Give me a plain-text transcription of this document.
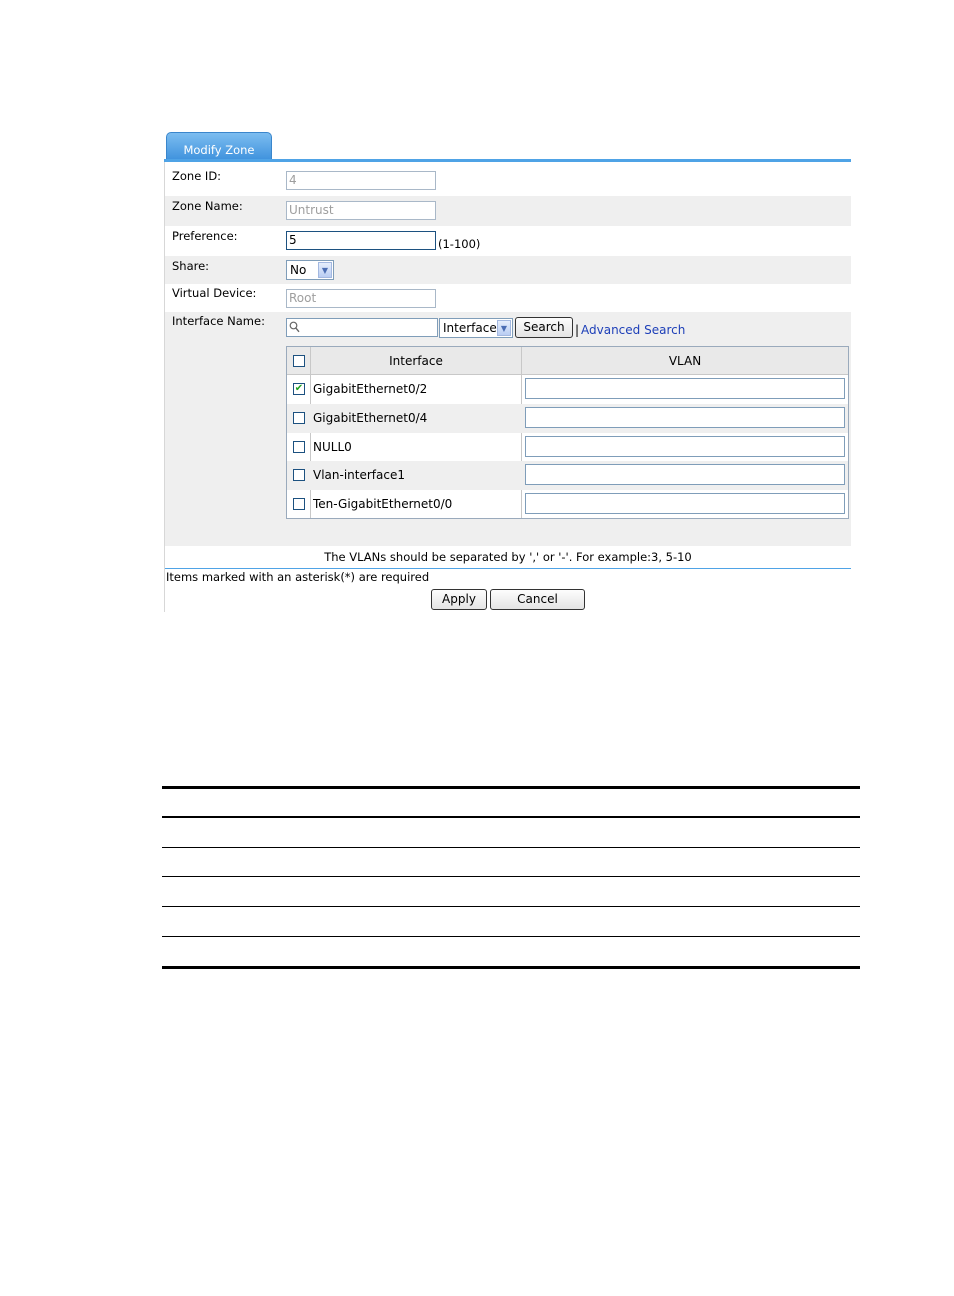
Modify Zone
Zone ID:	4
Zone Name:	Untrust
Preference:	5	(1-100)
Share:	No	▼
Virtual Device:	Root
Interface Name:	Interface ▼	Search | Advanced Search
Interface	VLAN
✔ GigabitEthernet0/2
GigabitEthernet0/4
NULL0
Vlan-interface1
Ten-GigabitEthernet0/0
The VLANs should be separated by ',' or '-'. For example:3, 5-10
Items marked with an asterisk(*) are required
Apply	Cancel
